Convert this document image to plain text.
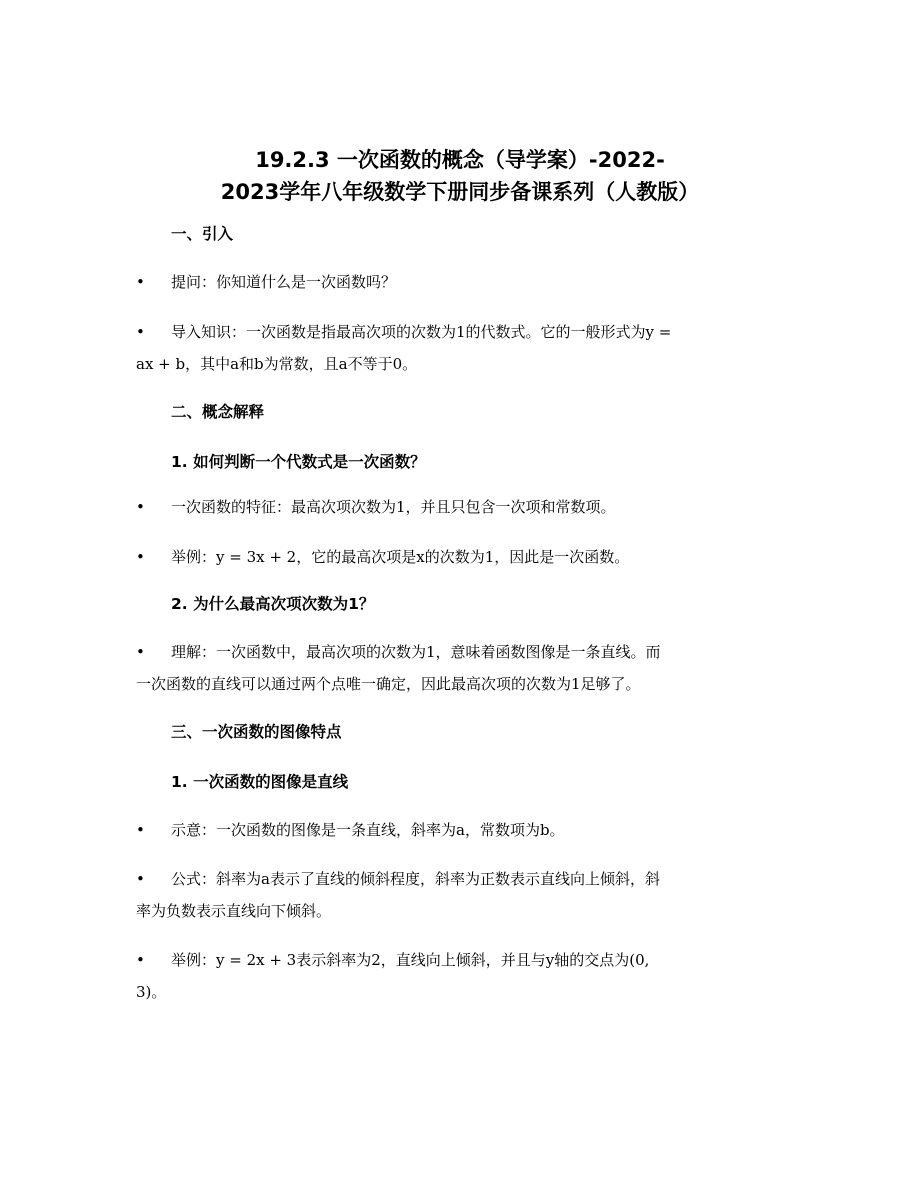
19.2.3 一次函数的概念（导学案）-2022-
2023学年八年级数学下册同步备课系列（人教版）
一、引入
• 提问：你知道什么是一次函数吗？
• 导入知识：一次函数是指最高次项的次数为1的代数式。它的一般形式为y =
ax + b，其中a和b为常数，且a不等于0。
二、概念解释
1. 如何判断一个代数式是一次函数？
• 一次函数的特征：最高次项次数为1，并且只包含一次项和常数项。
• 举例：y = 3x + 2，它的最高次项是x的次数为1，因此是一次函数。
2. 为什么最高次项次数为1？
• 理解：一次函数中，最高次项的次数为1，意味着函数图像是一条直线。而
一次函数的直线可以通过两个点唯一确定，因此最高次项的次数为1足够了。
三、一次函数的图像特点
1. 一次函数的图像是直线
• 示意：一次函数的图像是一条直线，斜率为a，常数项为b。
• 公式：斜率为a表示了直线的倾斜程度，斜率为正数表示直线向上倾斜，斜
率为负数表示直线向下倾斜。
• 举例：y = 2x + 3表示斜率为2，直线向上倾斜，并且与y轴的交点为(0,
3)。
